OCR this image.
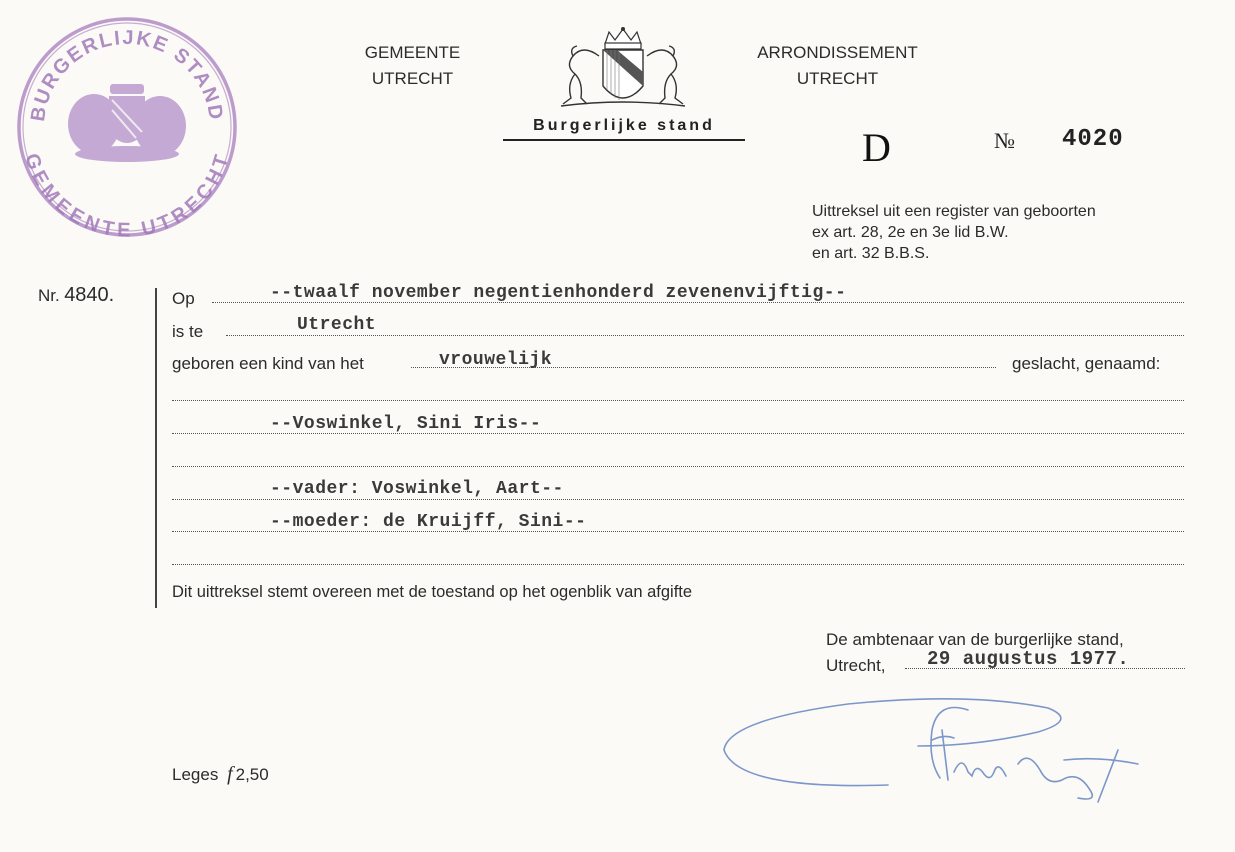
BURGERLIJKE STAND
GEMEENTE UTRECHT
GEMEENTE
UTRECHT
Burgerlijke stand
ARRONDISSEMENT
UTRECHT
D	№ 4020
Uittreksel uit een register van geboorten
ex art. 28, 2e en 3e lid B.W.
en art. 32 B.B.S.
Nr. 4840.	Op	--twaalf november negentienhonderd zevenenvijftig--
is te	Utrecht
geboren een kind van het	vrouwelijk	geslacht, genaamd:
--Voswinkel, Sini Iris--
--vader: Voswinkel, Aart--
--moeder: de Kruijff, Sini--
Dit uittreksel stemt overeen met de toestand op het ogenblik van afgifte
De ambtenaar van de burgerlijke stand,
Utrecht, 29 augustus 1977.
Leges f 2,50
